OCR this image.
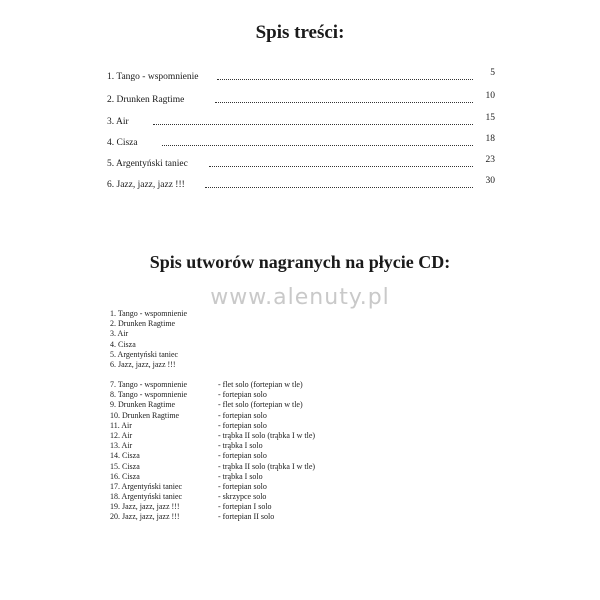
Spis treści:
1. Tango - wspomnienie	5
2. Drunken Ragtime	10
3. Air	15
4. Cisza	18
5. Argentyński taniec	23
6. Jazz, jazz, jazz !!!	30
www.alenuty.pl
Spis utworów nagranych na płycie CD:
1. Tango - wspomnienie
2. Drunken Ragtime
3. Air
4. Cisza
5. Argentyński taniec
6. Jazz, jazz, jazz !!!
7. Tango - wspomnienie	- flet solo (fortepian w tle)
8. Tango - wspomnienie	- fortepian solo
9. Drunken Ragtime	- flet solo (fortepian w tle)
10. Drunken Ragtime	- fortepian solo
11. Air	- fortepian solo
12. Air	- trąbka II solo (trąbka I w tle)
13. Air	- trąbka I solo
14. Cisza	- fortepian solo
15. Cisza	- trąbka II solo (trąbka I w tle)
16. Cisza	- trąbka I solo
17. Argentyński taniec	- fortepian solo
18. Argentyński taniec	- skrzypce solo
19. Jazz, jazz, jazz !!!	- fortepian I solo
20. Jazz, jazz, jazz !!!	- fortepian II solo
